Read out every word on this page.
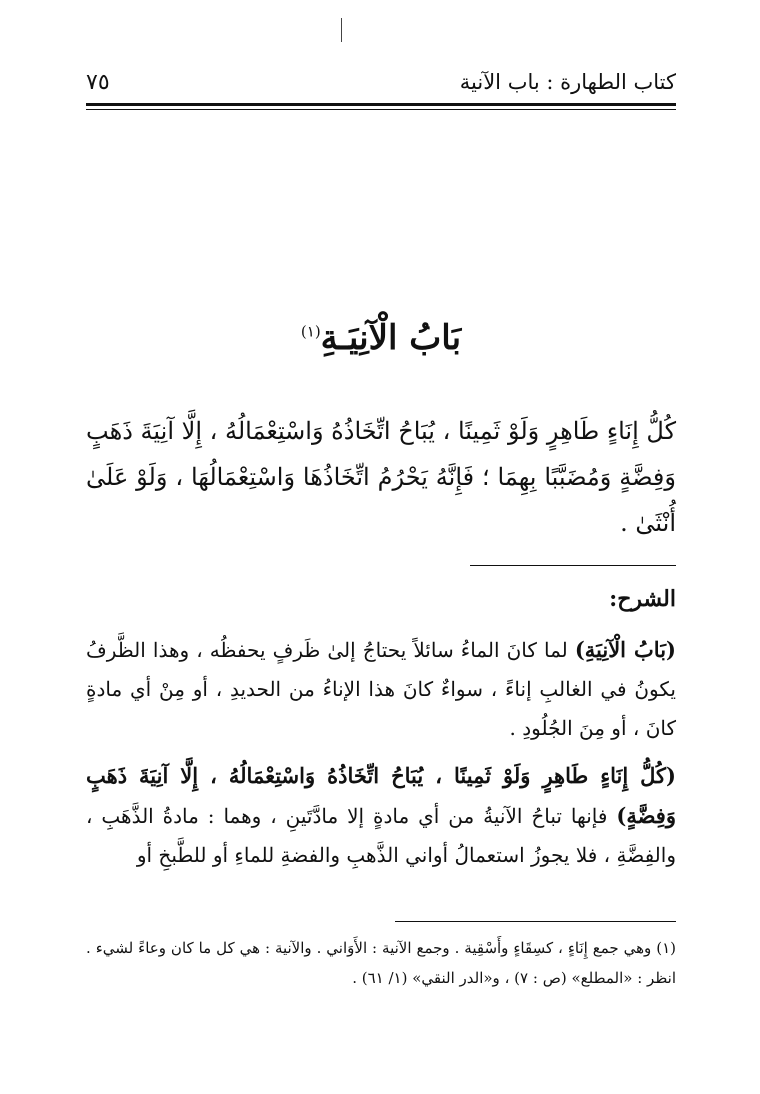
كتاب الطهارة : باب الآنية
٧٥
بَابُ الْآنِيَـةِ$^{(١)}$
كُلُّ إِنَاءٍ طَاهِرٍ وَلَوْ ثَمِينًا ، يُبَاحُ اتِّخَاذُهُ وَاسْتِعْمَالُهُ ، إِلَّا آنِيَةَ ذَهَبٍ وَفِضَّةٍ وَمُضَبَّبًا بِهِمَا ؛ فَإِنَّهُ يَحْرُمُ اتِّخَاذُهَا وَاسْتِعْمَالُهَا ، وَلَوْ عَلَىٰ أُنْثَىٰ .
الشرح:

(بَابُ الْآنِيَةِ) لما كانَ الماءُ سائلاً يحتاجُ إلىٰ ظَرفٍ يحفظُه ، وهذا الظَّرفُ يكونُ في الغالبِ إناءً ، سواءٌ كانَ هذا الإناءُ من الحديدِ ، أو مِنْ أي مادةٍ كانَ ، أو مِنَ الجُلُودِ .

(كُلُّ إِنَاءٍ طَاهِرٍ وَلَوْ ثَمِينًا ، يُبَاحُ اتِّخَاذُهُ وَاسْتِعْمَالُهُ ، إِلَّا آنِيَةَ ذَهَبٍ وَفِضَّةٍ) فإنها تباحُ الآنيةُ من أي مادةٍ إلا مادَّتَينِ ، وهما : مادةُ الذَّهَبِ ، والفِضَّةِ ، فلا يجوزُ استعمالُ أواني الذَّهبِ والفضةِ للماءِ أو للطَّبخِ أو

(١) وهي جمع إِنَاءٍ ، كسِقَاءٍ وأَسْقِية . وجمع الآنية : الأَوَاني . والآنية : هي كل ما كان وعاءً لشيء . انظر : «المطلع» (ص : ٧) ، و«الدر النقي» (١/ ٦١) .
